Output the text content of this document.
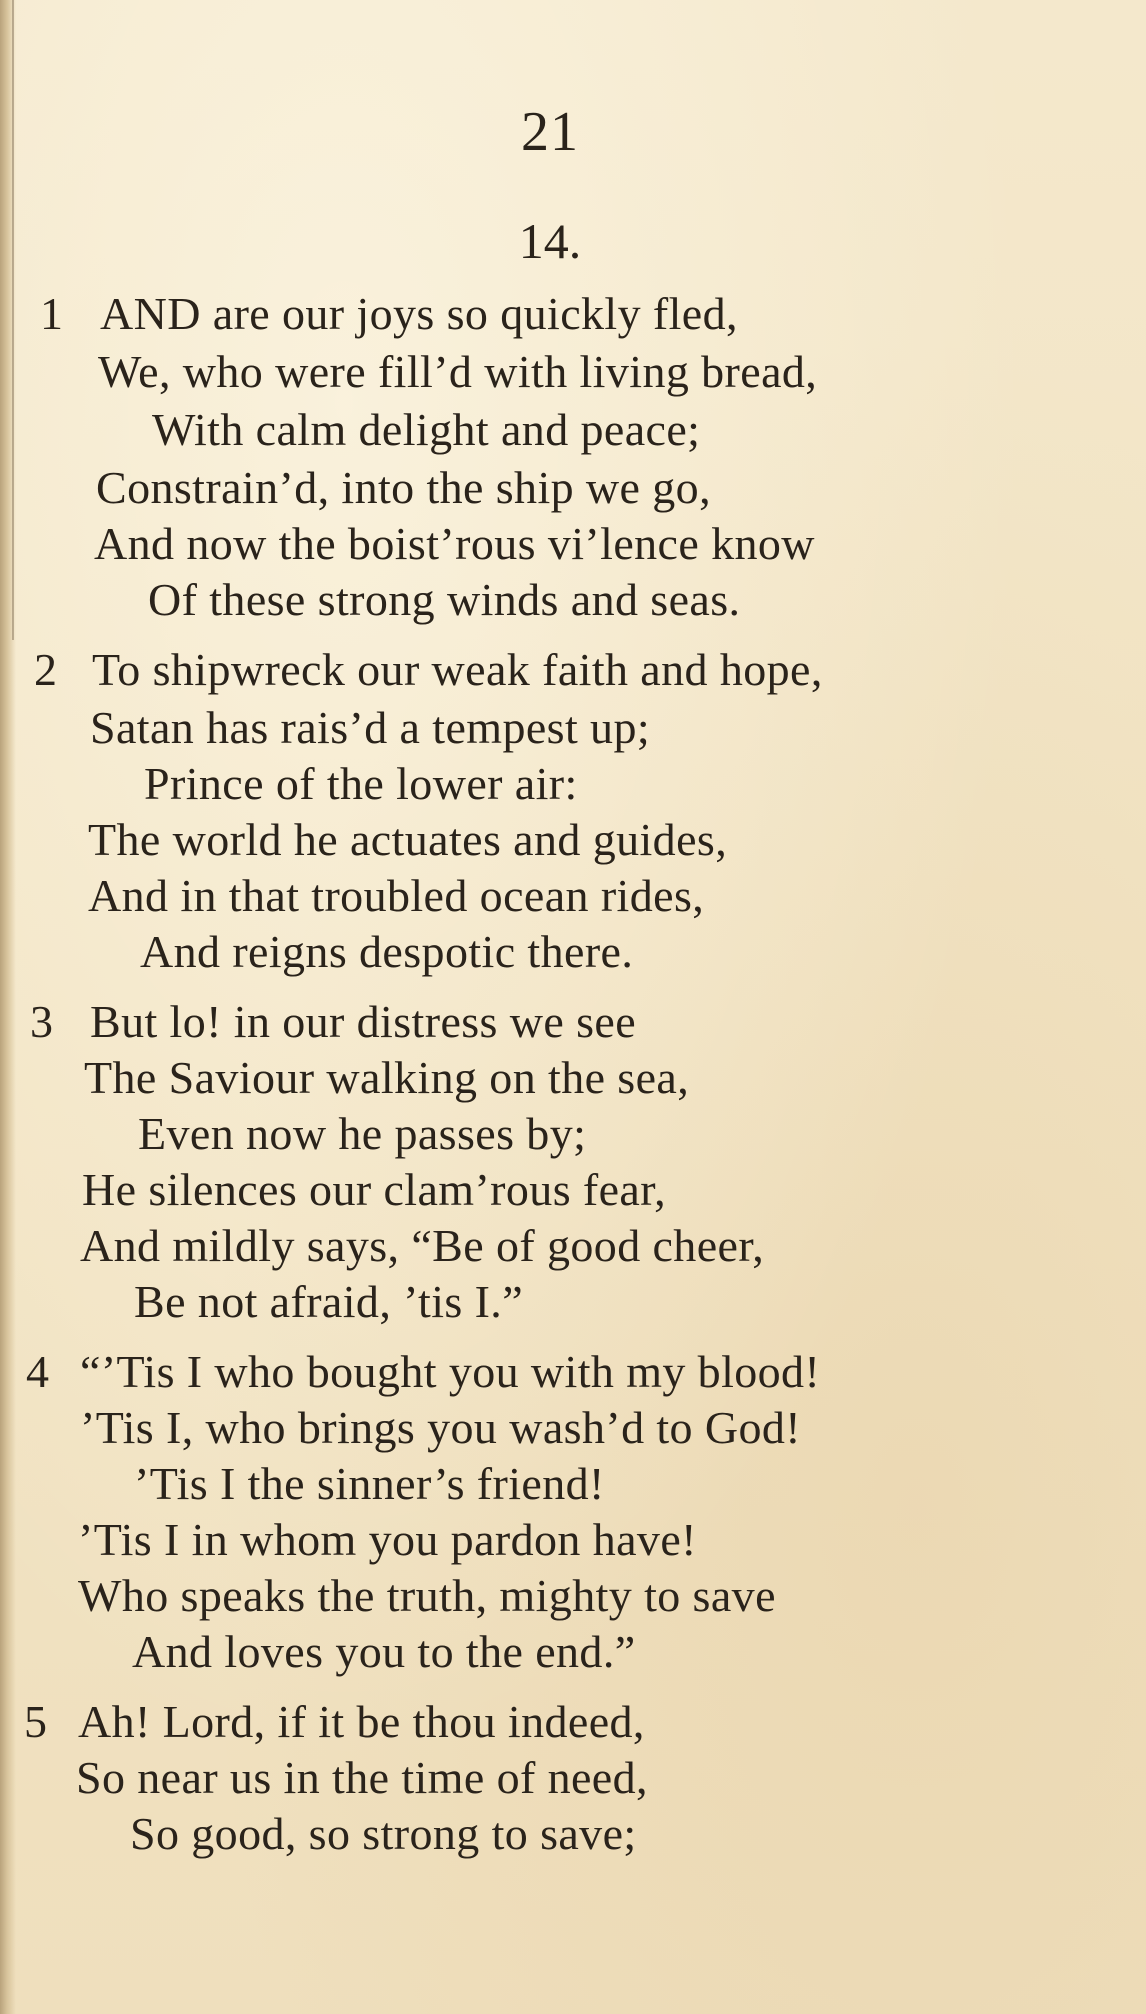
21
14.
1 AND are our joys so quickly fled,
We, who were fill’d with living bread,
With calm delight and peace;
Constrain’d, into the ship we go,
And now the boist’rous vi’lence know
Of these strong winds and seas.
2 To shipwreck our weak faith and hope,
Satan has rais’d a tempest up;
Prince of the lower air:
The world he actuates and guides,
And in that troubled ocean rides,
And reigns despotic there.
3 But lo! in our distress we see
The Saviour walking on the sea,
Even now he passes by;
He silences our clam’rous fear,
And mildly says, “Be of good cheer,
Be not afraid, ’tis I.”
4 “’Tis I who bought you with my blood!
’Tis I, who brings you wash’d to God!
’Tis I the sinner’s friend!
’Tis I in whom you pardon have!
Who speaks the truth, mighty to save
And loves you to the end.”
5 Ah! Lord, if it be thou indeed,
So near us in the time of need,
So good, so strong to save;
